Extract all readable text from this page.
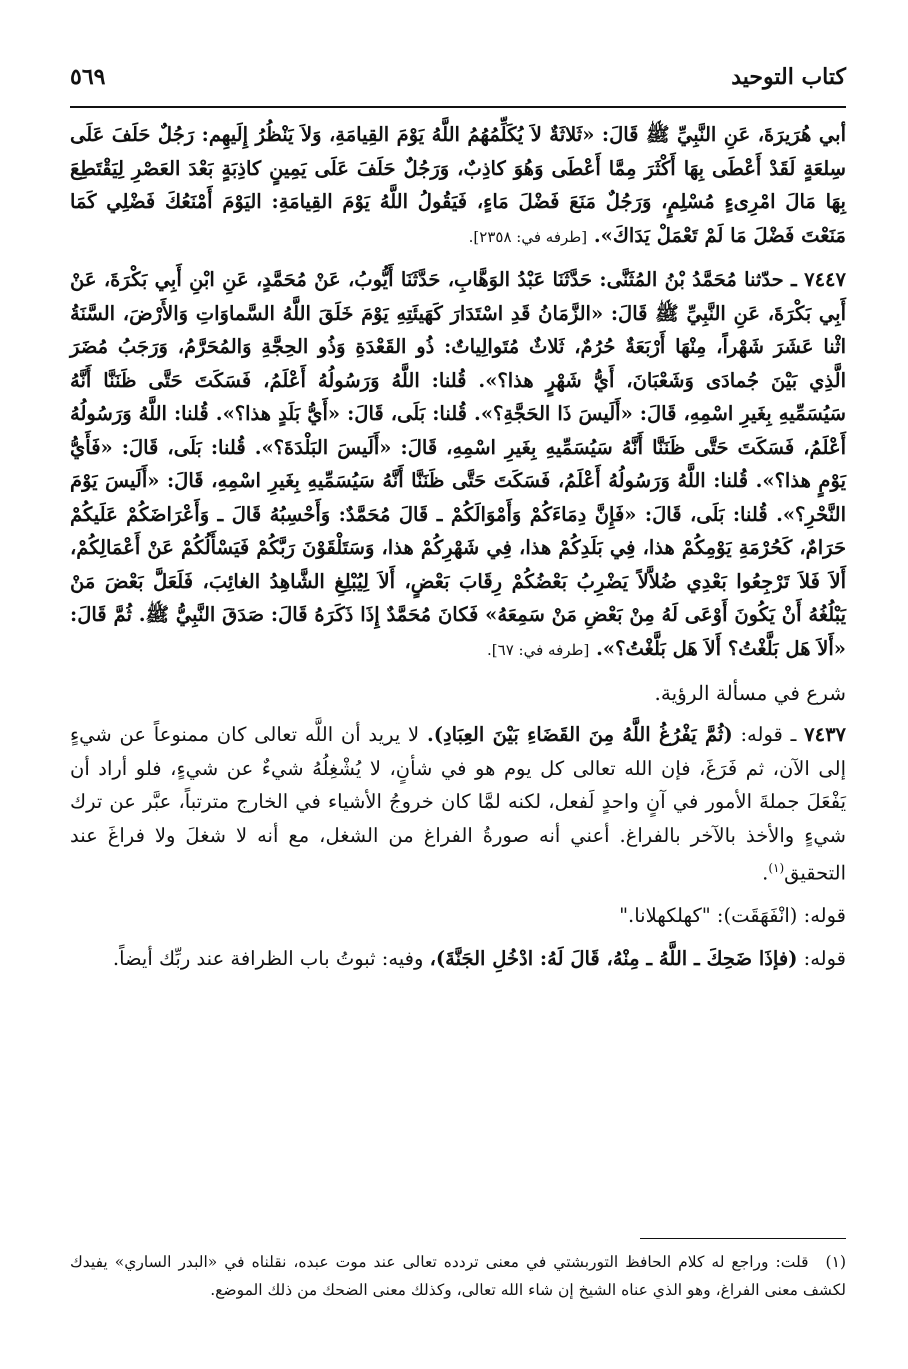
كتاب التوحيد
٥٦٩

أبي هُرَيرَةَ، عَنِ النَّبِيِّ ﷺ قَالَ: «ثَلاثَةٌ لاَ يُكَلِّمُهُمُ اللَّهُ يَوْمَ القِيامَةِ، وَلاَ يَنْظُرُ إِلَيهِم: رَجُلٌ حَلَفَ عَلَى سِلعَةٍ لَقَدْ أَعْطَى بِهَا أَكْثَرَ مِمَّا أَعْطَى وَهُوَ كاذِبٌ، وَرَجُلٌ حَلَفَ عَلَى يَمِينٍ كاذِبَةٍ بَعْدَ العَصْرِ لِيَقْتَطِعَ بِهَا مَالَ امْرِىءٍ مُسْلِمٍ، وَرَجُلٌ مَنَعَ فَضْلَ مَاءٍ، فَيَقُولُ اللَّهُ يَوْمَ القِيامَةِ: اليَوْمَ أَمْنَعُكَ فَضْلِي كَمَا مَنَعْتَ فَضْلَ مَا لَمْ تَعْمَلْ يَدَاكَ». [طرفه في: ٢٣٥٨].

٧٤٤٧ ـ حدّثنا مُحَمَّدُ بْنُ المُثَنَّى: حَدَّثَنَا عَبْدُ الوَهَّابِ، حَدَّثَنَا أَيُّوبُ، عَنْ مُحَمَّدٍ، عَنِ ابْنِ أَبِي بَكْرَةَ، عَنْ أَبِي بَكْرَةَ، عَنِ النَّبِيِّ ﷺ قَالَ: «الزَّمَانُ قَدِ اسْتَدَارَ كَهَيئَتِهِ يَوْمَ خَلَقَ اللَّهُ السَّماوَاتِ وَالأَرْضَ، السَّنَةُ اثْنا عَشَرَ شَهْراً، مِنْهَا أَرْبَعَةٌ حُرُمٌ، ثَلاثٌ مُتَوالِياتٌ: ذُو القَعْدَةِ وَذُو الحِجَّةِ وَالمُحَرَّمُ، وَرَجَبُ مُضَرَ الَّذِي بَيْنَ جُمادَى وَشَعْبَانَ، أَيُّ شَهْرٍ هذا؟». قُلنا: اللَّهُ وَرَسُولُهُ أَعْلَمُ، فَسَكَتَ حَتَّى ظَنَنَّا أَنَّهُ سَيُسَمِّيهِ بِغَيرِ اسْمِهِ، قَالَ: «أَلَيسَ ذَا الحَجَّةِ؟». قُلنا: بَلَى، قَالَ: «أَيُّ بَلَدٍ هذا؟». قُلنا: اللَّهُ وَرَسُولُهُ أَعْلَمُ، فَسَكَتَ حَتَّى ظَنَنَّا أَنَّهُ سَيُسَمِّيهِ بِغَيرِ اسْمِهِ، قَالَ: «أَلَيسَ البَلْدَةَ؟». قُلنا: بَلَى، قَالَ: «فَأَيُّ يَوْمٍ هذا؟». قُلنا: اللَّهُ وَرَسُولُهُ أَعْلَمُ، فَسَكَتَ حَتَّى ظَنَنَّا أَنَّهُ سَيُسَمِّيهِ بِغَيرِ اسْمِهِ، قَالَ: «أَلَيسَ يَوْمَ النَّحْرِ؟». قُلنا: بَلَى، قَالَ: «فَإِنَّ دِمَاءَكُمْ وَأَمْوَالَكُمْ ـ قَالَ مُحَمَّدٌ: وَأَحْسِبُهُ قَالَ ـ وَأَعْرَاضَكُمْ عَلَيكُمْ حَرَامٌ، كَحُرْمَةِ يَوْمِكُمْ هذا، فِي بَلَدِكُمْ هذا، فِي شَهْرِكُمْ هذا، وَسَتَلْقَوْنَ رَبَّكُمْ فَيَسْأَلُكُمْ عَنْ أَعْمَالِكُمْ، أَلاَ فَلاَ تَرْجِعُوا بَعْدِي ضُلاَّلاً يَضْرِبُ بَعْضُكُمْ رِقَابَ بَعْضٍ، أَلاَ لِيُبْلِغِ الشَّاهِدُ الغائِبَ، فَلَعَلَّ بَعْضَ مَنْ يَبْلُغُهُ أَنْ يَكُونَ أَوْعَى لَهُ مِنْ بَعْضِ مَنْ سَمِعَهُ» فَكانَ مُحَمَّدٌ إِذَا ذَكَرَهُ قَالَ: صَدَقَ النَّبِيُّ ﷺ. ثُمَّ قَالَ: «أَلاَ هَل بَلَّغْتُ؟ أَلاَ هَل بَلَّغْتُ؟». [طرفه في: ٦٧].

شرع في مسألة الرؤية.

٧٤٣٧ ـ قوله: (ثُمَّ يَفْرُغُ اللَّهُ مِنَ القَضَاءِ بَيْنَ العِبَادِ). لا يريد أن اللَّه تعالى كان ممنوعاً عن شيءٍ إلى الآن، ثم فَرَغَ، فإن الله تعالى كل يوم هو في شأنٍ، لا يُشْغِلُهُ شيءٌ عن شيءٍ، فلو أراد أن يَفْعَلَ جملةَ الأمور في آنٍ واحدٍ لَفعل، لكنه لمَّا كان خروجُ الأشياء في الخارج مترتباً، عبَّر عن ترك شيءٍ والأخذ بالآخر بالفراغ. أعني أنه صورةُ الفراغ من الشغل، مع أنه لا شغلَ ولا فراغَ عند التحقيق$^{(١)}$.

قوله: (انْفَهَقَت): "كهلكهلانا."

قوله: (فإذَا ضَحِكَ ـ اللَّهُ ـ مِنْهُ، قَالَ لَهُ: ادْخُلِ الجَنَّةَ)، وفيه: ثبوتُ باب الظرافة عند ربِّك أيضاً.

(١) قلت: وراجع له كلام الحافظ التوربشتي في معنى تردده تعالى عند موت عبده، نقلناه في «البدر الساري» يفيدك لكشف معنى الفراغ، وهو الذي عناه الشيخ إن شاء الله تعالى، وكذلك معنى الضحك من ذلك الموضع.
